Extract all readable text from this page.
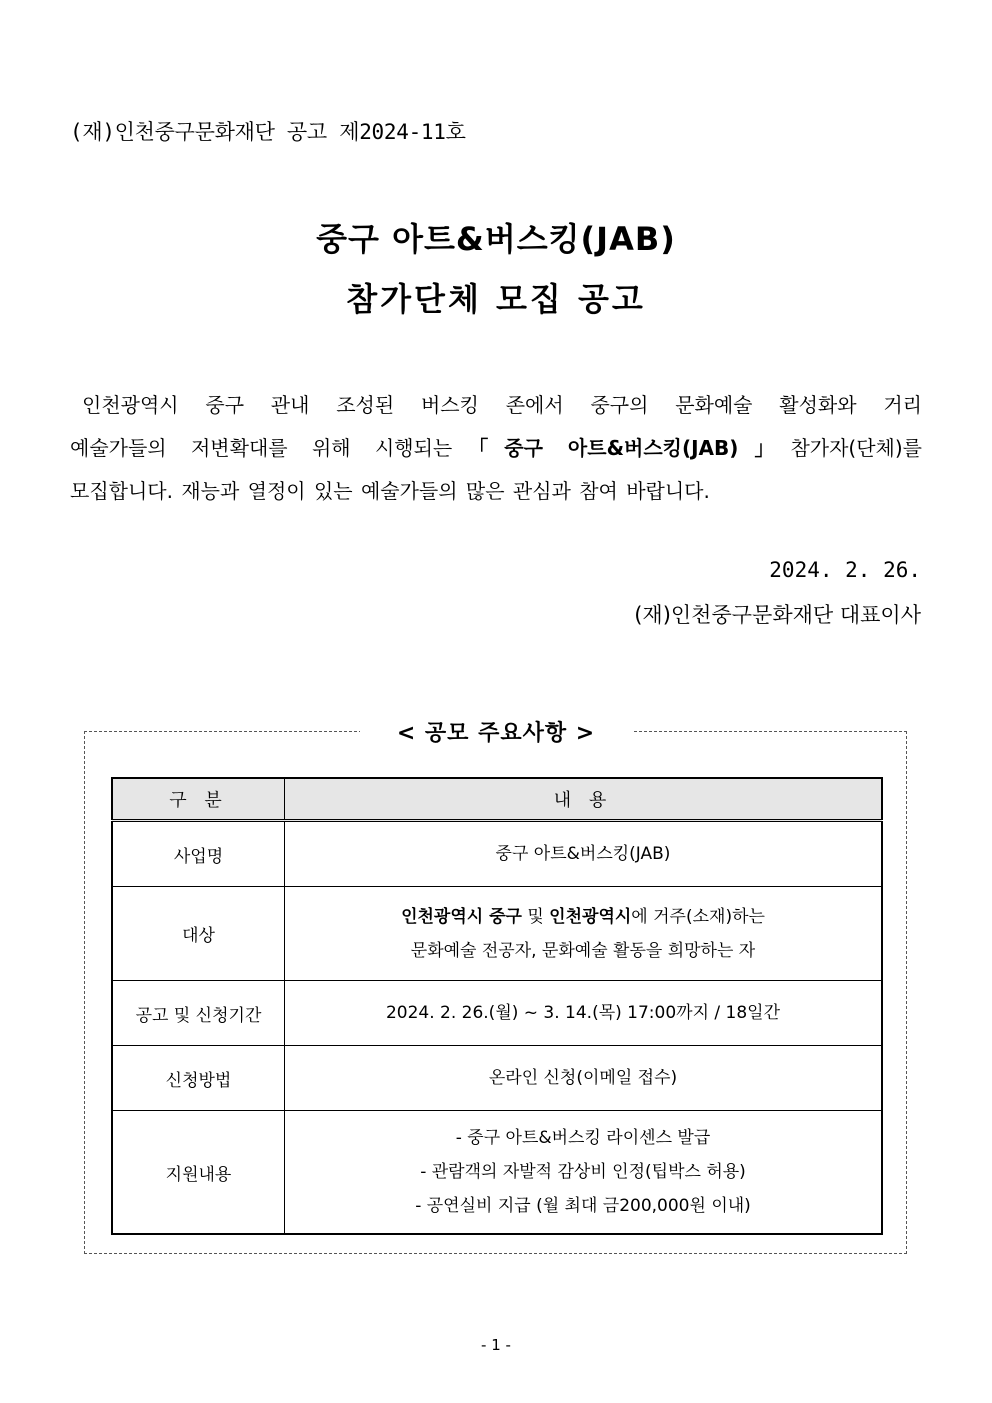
(재)인천중구문화재단 공고 제2024-11호
중구 아트&버스킹(JAB)
참가단체 모집 공고
인천광역시 중구 관내 조성된 버스킹 존에서 중구의 문화예술 활성화와 거리
예술가들의 저변확대를 위해 시행되는「중구 아트&버스킹(JAB)」참가자(단체)를
모집합니다. 재능과 열정이 있는 예술가들의 많은 관심과 참여 바랍니다.
2024. 2. 26.
(재)인천중구문화재단 대표이사
< 공모 주요사항 >
구 분	내 용
사업명	중구 아트&버스킹(JAB)
대상	인천광역시 중구 및 인천광역시에 거주(소재)하는
문화예술 전공자, 문화예술 활동을 희망하는 자

공고 및 신청기간	2024. 2. 26.(월) ~ 3. 14.(목) 17:00까지 / 18일간
신청방법	온라인 신청(이메일 접수)
지원내용	- 중구 아트&버스킹 라이센스 발급
- 관람객의 자발적 감상비 인정(팁박스 허용)
- 공연실비 지급 (월 최대 금200,000원 이내)
- 1 -
